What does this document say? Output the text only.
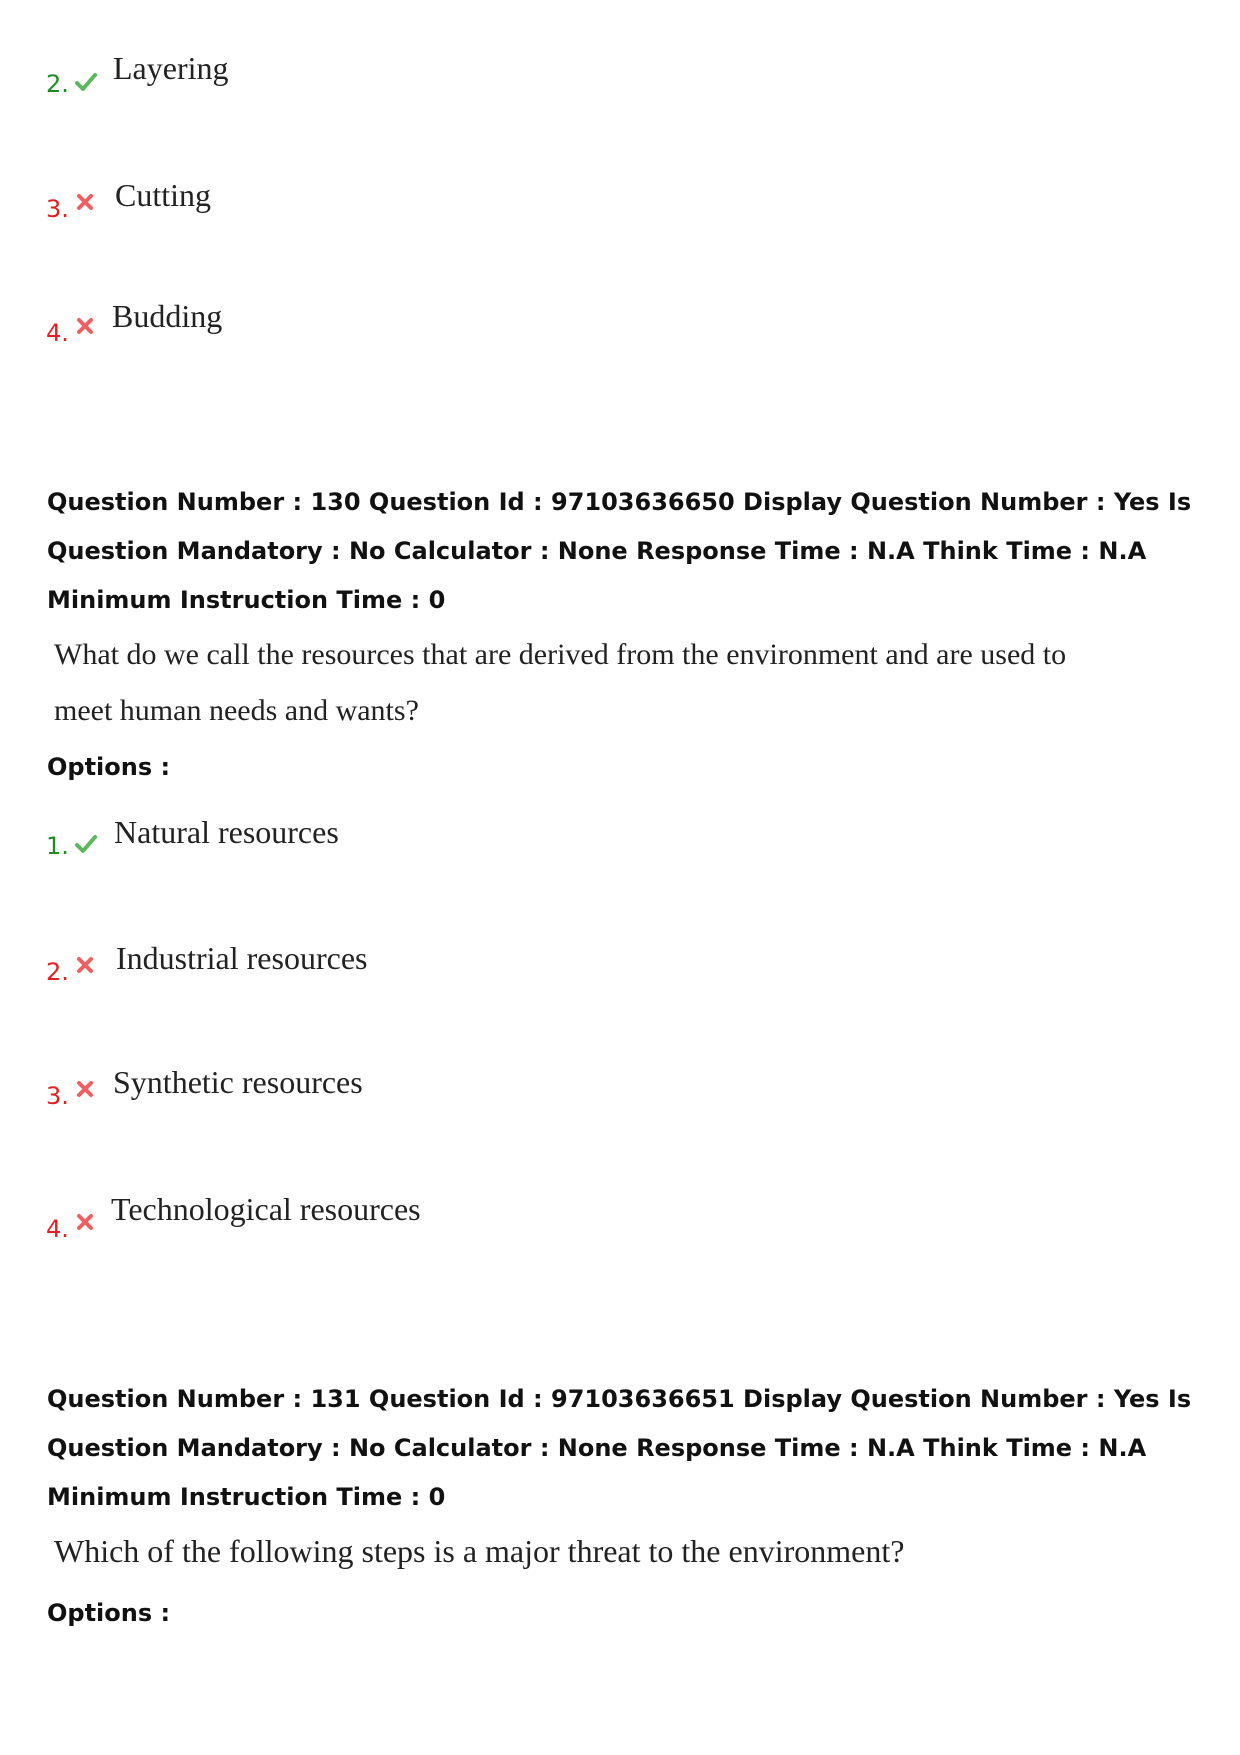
2. Layering
3. Cutting
4. Budding
Question Number : 130 Question Id : 97103636650 Display Question Number : Yes Is Question Mandatory : No Calculator : None Response Time : N.A Think Time : N.A Minimum Instruction Time : 0
What do we call the resources that are derived from the environment and are used to
meet human needs and wants?
Options :
1. Natural resources
2. Industrial resources
3. Synthetic resources
4.
Technological resources
Question Number : 131 Question Id : 97103636651 Display Question Number : Yes Is Question Mandatory : No Calculator : None Response Time : N.A Think Time : N.A Minimum Instruction Time : 0
Which of the following steps is a major threat to the environment?
Options :
